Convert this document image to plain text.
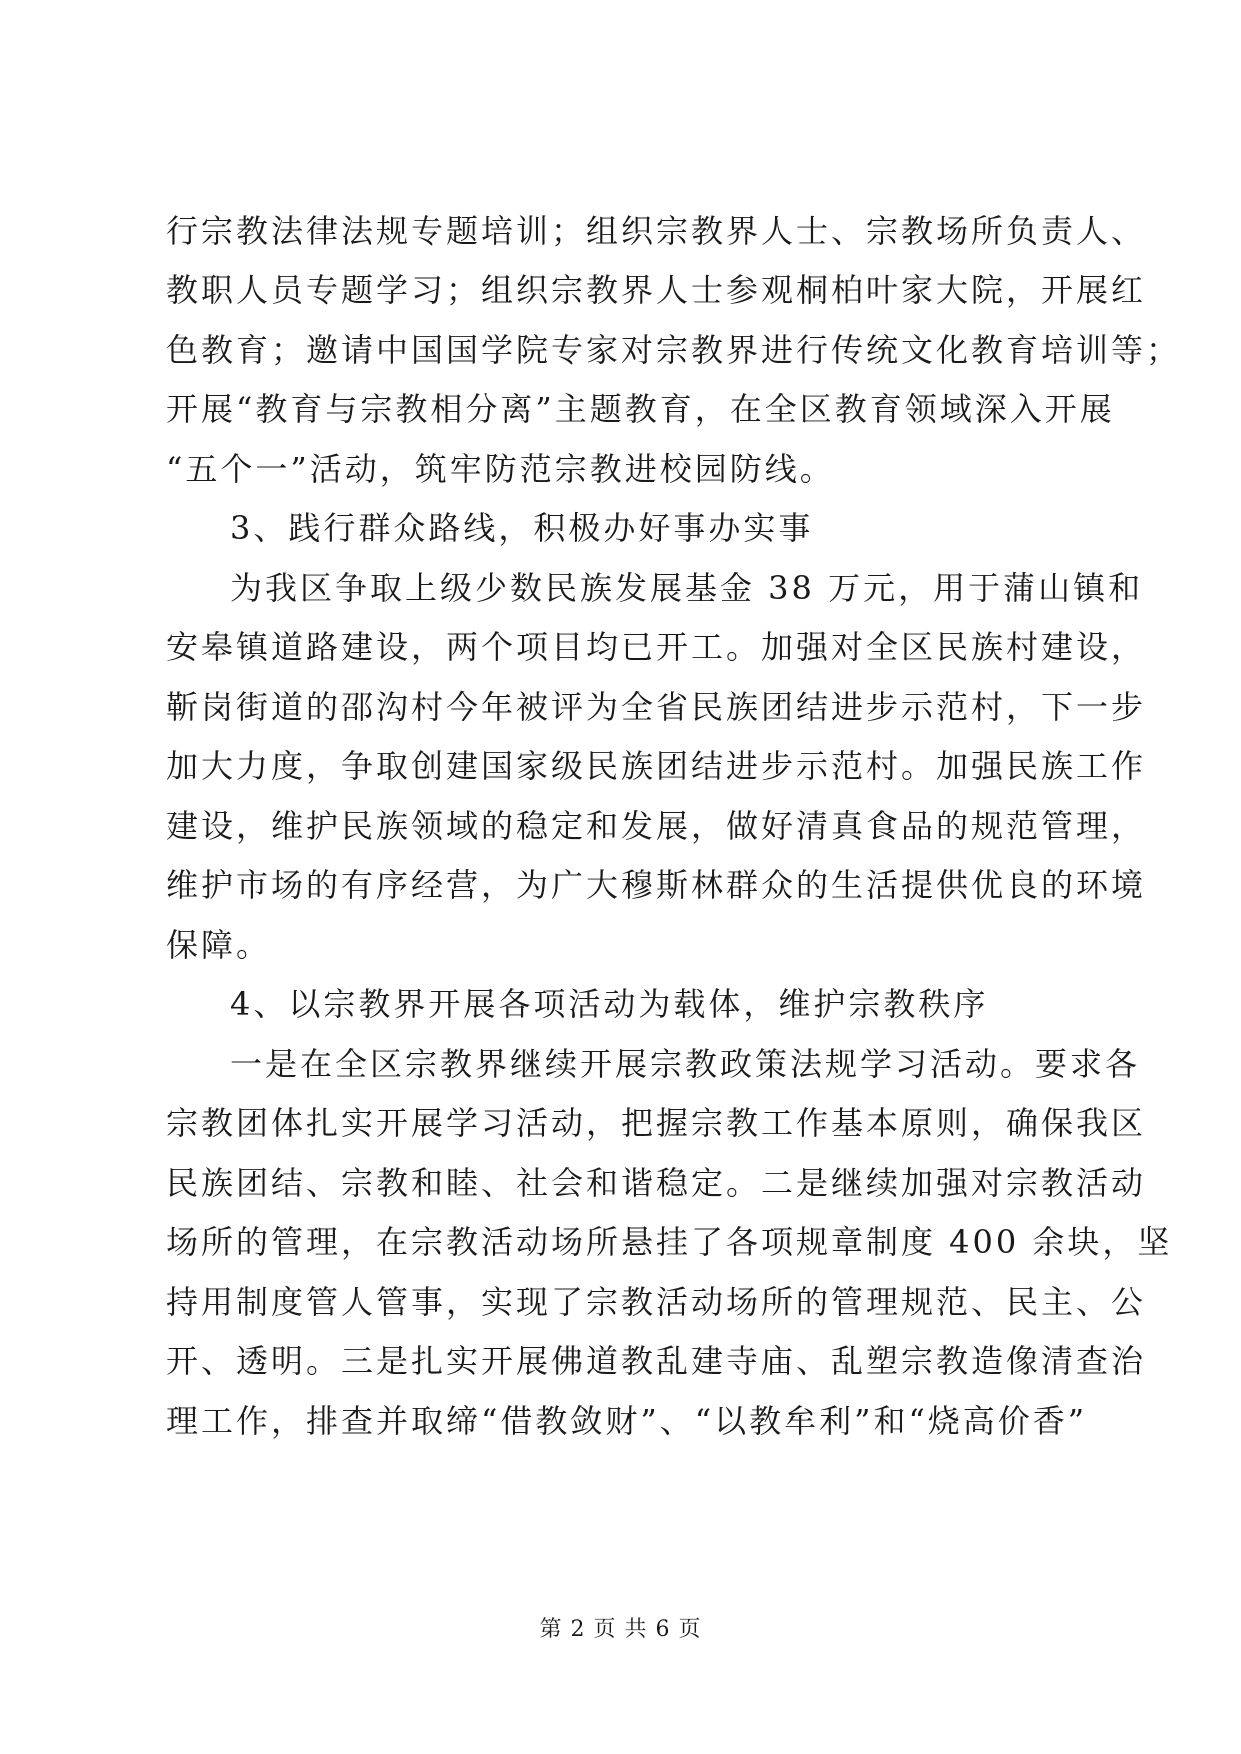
行宗教法律法规专题培训；组织宗教界人士、宗教场所负责人、
教职人员专题学习；组织宗教界人士参观桐柏叶家大院，开展红
色教育；邀请中国国学院专家对宗教界进行传统文化教育培训等；
开展“教育与宗教相分离”主题教育，在全区教育领域深入开展
“五个一”活动，筑牢防范宗教进校园防线。
3、践行群众路线，积极办好事办实事
为我区争取上级少数民族发展基金 38 万元，用于蒲山镇和
安皋镇道路建设，两个项目均已开工。加强对全区民族村建设，
靳岗街道的邵沟村今年被评为全省民族团结进步示范村，下一步
加大力度，争取创建国家级民族团结进步示范村。加强民族工作
建设，维护民族领域的稳定和发展，做好清真食品的规范管理，
维护市场的有序经营，为广大穆斯林群众的生活提供优良的环境
保障。
4、以宗教界开展各项活动为载体，维护宗教秩序
一是在全区宗教界继续开展宗教政策法规学习活动。要求各
宗教团体扎实开展学习活动，把握宗教工作基本原则，确保我区
民族团结、宗教和睦、社会和谐稳定。二是继续加强对宗教活动
场所的管理，在宗教活动场所悬挂了各项规章制度 400 余块，坚
持用制度管人管事，实现了宗教活动场所的管理规范、民主、公
开、透明。三是扎实开展佛道教乱建寺庙、乱塑宗教造像清查治
理工作，排查并取缔“借教敛财”、“以教牟利”和“烧高价香”
第 2 页 共 6 页
